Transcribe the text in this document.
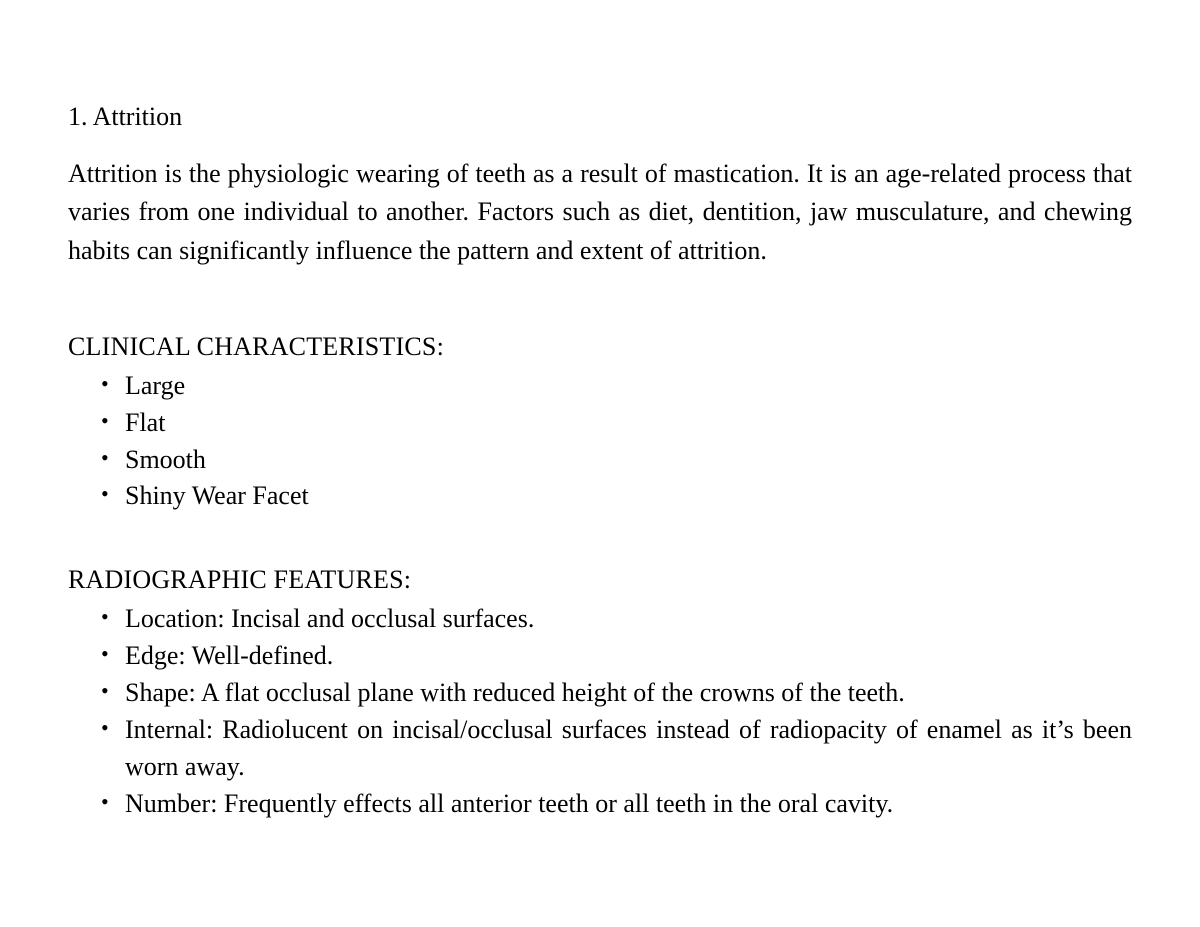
1. Attrition

Attrition is the physiologic wearing of teeth as a result of mastication. It is an age-related process that varies from one individual to another. Factors such as diet, dentition, jaw musculature, and chewing habits can significantly influence the pattern and extent of attrition.

CLINICAL CHARACTERISTICS:
• Large
• Flat
• Smooth
• Shiny Wear Facet
RADIOGRAPHIC FEATURES:
• Location: Incisal and occlusal surfaces.
• Edge: Well-defined.
• Shape: A flat occlusal plane with reduced height of the crowns of the teeth.
• Internal: Radiolucent on incisal/occlusal surfaces instead of radiopacity of enamel as it’s been worn away.
• Number: Frequently effects all anterior teeth or all teeth in the oral cavity.
